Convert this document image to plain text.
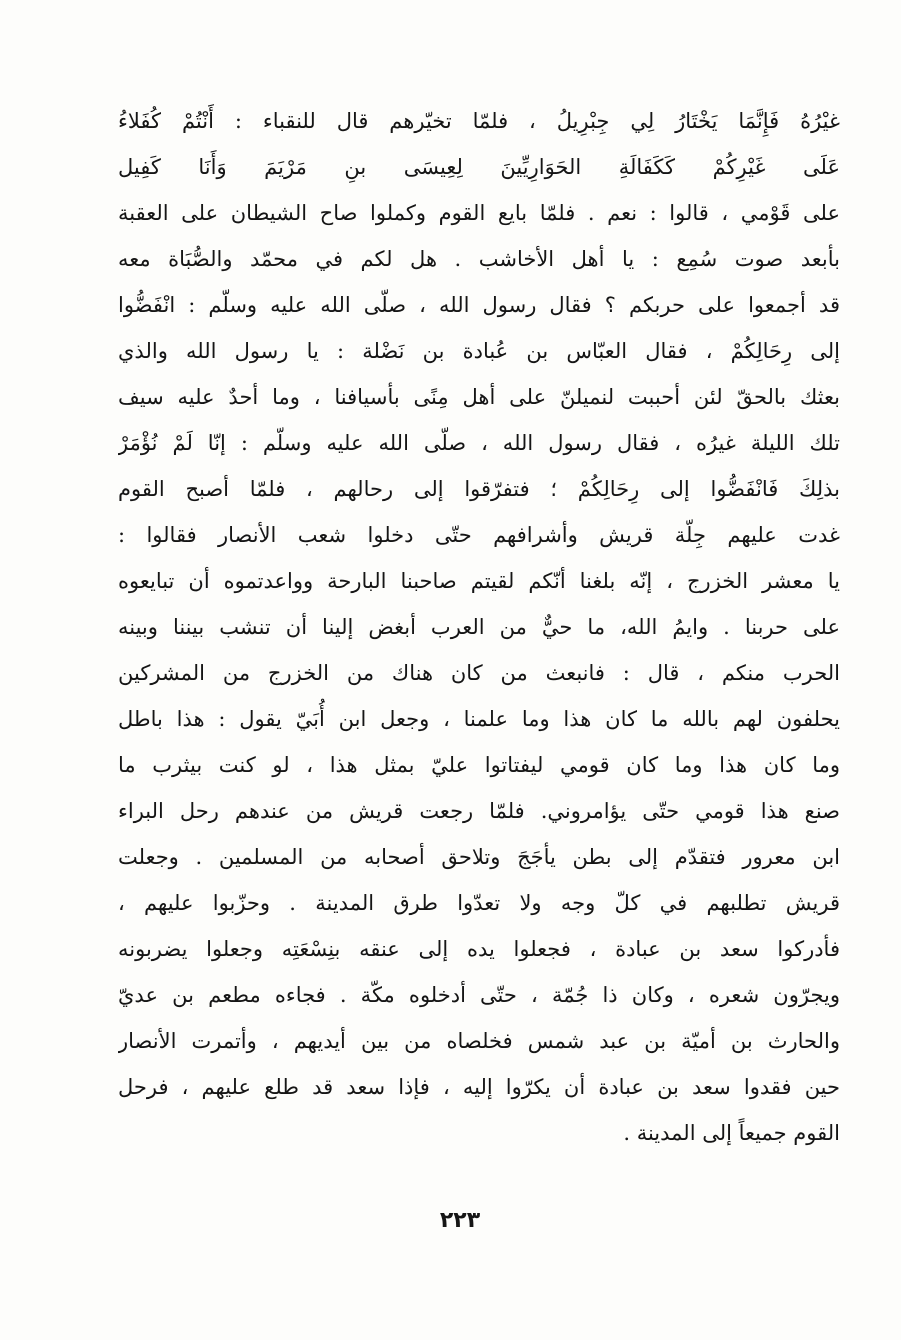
غيْرُهُ فَإِنَّمَا يَخْتَارُ لِي جِبْرِيلُ ، فلمّا تخيّرهم قال للنقباء : أَنْتُمْ كُفَلاءُ
عَلَى غَيْرِكُمْ كَكَفَالَةِ الحَوَارِيِّينَ لِعِيسَى بنِ مَرْيَمَ وَأَنَا كَفِيل
على قَوْمي ، قالوا : نعم . فلمّا بايع القوم وكملوا صاح الشيطان على العقبة
بأبعد صوت سُمِع : يا أهل الأخاشب . هل لكم في محمّد والصُّبَاة معه
قد أجمعوا على حربكم ؟ فقال رسول الله ، صلّى الله عليه وسلّم : انْفَضُّوا
إلى رِحَالِكُمْ ، فقال العبّاس بن عُبادة بن نَضْلة : يا رسول الله والذي
بعثك بالحقّ لئن أحببت لنميلنّ على أهل مِنًى بأسيافنا ، وما أحدٌ عليه سيف
تلك الليلة غيرُه ، فقال رسول الله ، صلّى الله عليه وسلّم : إنّا لَمْ نُؤْمَرْ
بذلِكَ فَانْفَضُّوا إلى رِحَالِكُمْ ؛ فتفرّقوا إلى رحالهم ، فلمّا أصبح القوم
غدت عليهم جِلّة قريش وأشرافهم حتّى دخلوا شعب الأنصار فقالوا :
يا معشر الخزرج ، إنّه بلغنا أنّكم لقيتم صاحبنا البارحة وواعدتموه أن تبايعوه
على حربنا . وايمُ الله، ما حيٌّ من العرب أبغض إلينا أن تنشب بيننا وبينه
الحرب منكم ، قال : فانبعث من كان هناك من الخزرج من المشركين
يحلفون لهم بالله ما كان هذا وما علمنا ، وجعل ابن أُبَيّ يقول : هذا باطل
وما كان هذا وما كان قومي ليفتاتوا عليّ بمثل هذا ، لو كنت بيثرب ما
صنع هذا قومي حتّى يؤامروني. فلمّا رجعت قريش من عندهم رحل البراء
ابن معرور فتقدّم إلى بطن يأجَجَ وتلاحق أصحابه من المسلمين . وجعلت
قريش تطلبهم في كلّ وجه ولا تعدّوا طرق المدينة . وحزّبوا عليهم ،
فأدركوا سعد بن عبادة ، فجعلوا يده إلى عنقه بنِسْعَتِه وجعلوا يضربونه
ويجرّون شعره ، وكان ذا جُمّة ، حتّى أدخلوه مكّة . فجاءه مطعم بن عديّ
والحارث بن أميّة بن عبد شمس فخلصاه من بين أيديهم ، وأتمرت الأنصار
حين فقدوا سعد بن عبادة أن يكرّوا إليه ، فإذا سعد قد طلع عليهم ، فرحل
القوم جميعاً إلى المدينة .
٢٢٣
